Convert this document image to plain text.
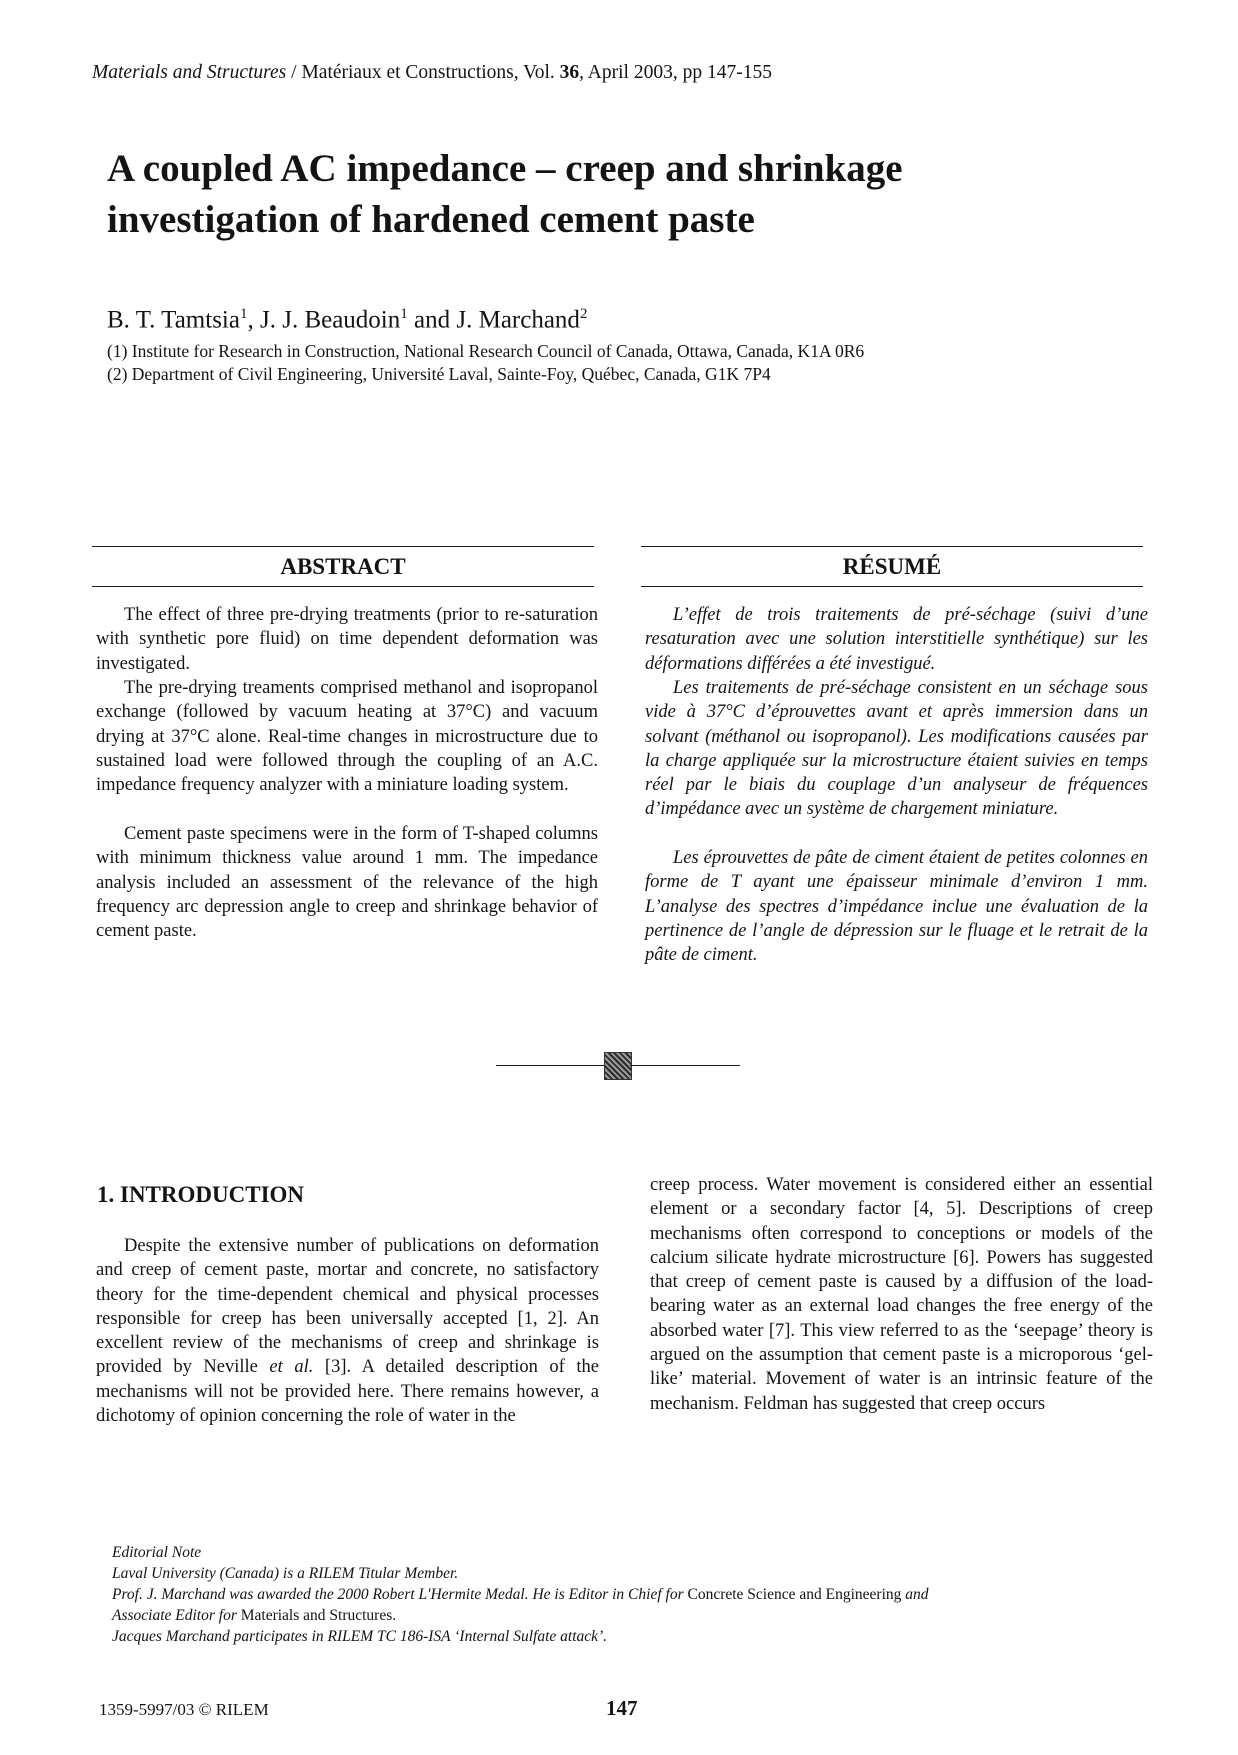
Materials and Structures / Matériaux et Constructions, Vol. 36, April 2003, pp 147-155
A coupled AC impedance – creep and shrinkage
investigation of hardened cement paste
B. T. Tamtsia$^1$, J. J. Beaudoin$^1$ and J. Marchand$^2$
(1) Institute for Research in Construction, National Research Council of Canada, Ottawa, Canada, K1A 0R6
(2) Department of Civil Engineering, Université Laval, Sainte-Foy, Québec, Canada, G1K 7P4
ABSTRACT

The effect of three pre-drying treatments (prior to re-saturation with synthetic pore fluid) on time dependent deformation was investigated.

The pre-drying treaments comprised methanol and isopropanol exchange (followed by vacuum heating at 37°C) and vacuum drying at 37°C alone. Real-time changes in microstructure due to sustained load were followed through the coupling of an A.C. impedance frequency analyzer with a miniature loading system.

Cement paste specimens were in the form of T-shaped columns with minimum thickness value around 1 mm. The impedance analysis included an assessment of the relevance of the high frequency arc depression angle to creep and shrinkage behavior of cement paste.

RÉSUMÉ

L’effet de trois traitements de pré-séchage (suivi d’une resaturation avec une solution interstitielle synthétique) sur les déformations différées a été investigué.

Les traitements de pré-séchage consistent en un séchage sous vide à 37°C d’éprouvettes avant et après immersion dans un solvant (méthanol ou isopropanol). Les modifications causées par la charge appliquée sur la microstructure étaient suivies en temps réel par le biais du couplage d’un analyseur de fréquences d’impédance avec un système de chargement miniature.

Les éprouvettes de pâte de ciment étaient de petites colonnes en forme de T ayant une épaisseur minimale d’environ 1 mm. L’analyse des spectres d’impédance inclue une évaluation de la pertinence de l’angle de dépression sur le fluage et le retrait de la pâte de ciment.

1. INTRODUCTION

Despite the extensive number of publications on deformation and creep of cement paste, mortar and concrete, no satisfactory theory for the time-dependent chemical and physical processes responsible for creep has been universally accepted [1, 2]. An excellent review of the mechanisms of creep and shrinkage is provided by Neville et al. [3]. A detailed description of the mechanisms will not be provided here. There remains however, a dichotomy of opinion concerning the role of water in the

creep process. Water movement is considered either an essential element or a secondary factor [4, 5]. Descriptions of creep mechanisms often correspond to conceptions or models of the calcium silicate hydrate microstructure [6]. Powers has suggested that creep of cement paste is caused by a diffusion of the load-bearing water as an external load changes the free energy of the absorbed water [7]. This view referred to as the ‘seepage’ theory is argued on the assumption that cement paste is a microporous ‘gel-like’ material. Movement of water is an intrinsic feature of the mechanism. Feldman has suggested that creep occurs

Editorial Note
Laval University (Canada) is a RILEM Titular Member.
Prof. J. Marchand was awarded the 2000 Robert L'Hermite Medal. He is Editor in Chief for Concrete Science and Engineering and
Associate Editor for Materials and Structures.
Jacques Marchand participates in RILEM TC 186-ISA ‘Internal Sulfate attack’.
1359-5997/03 © RILEM	147
